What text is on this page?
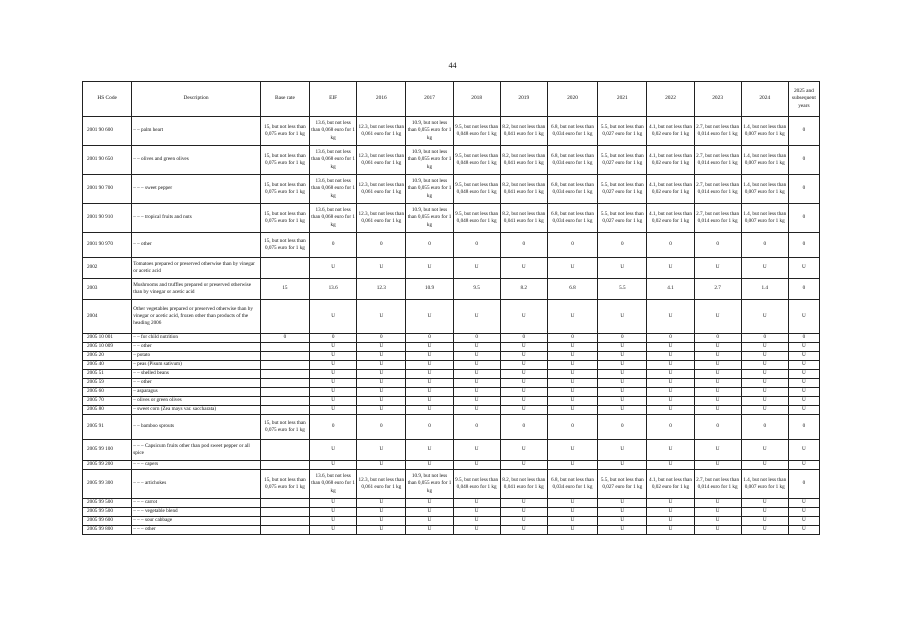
44
HS Code	Description	Base rate	EIF	2016	2017	2018	2019	2020	2021	2022	2023	2024	2025 and subsequent years
2001 90 600	– – palm heart	15, but not less than 0,075 euro for 1 kg	13.6, but not less than 0,068 euro for 1 kg	12.3, but not less than 0,061 euro for 1 kg	10.9, but not less than 0,055 euro for 1 kg	9.5, but not less than 0,048 euro for 1 kg	8.2, but not less than 0,041 euro for 1 kg	6.8, but not less than 0,034 euro for 1 kg	5.5, but not less than 0,027 euro for 1 kg	4.1, but not less than 0,02 euro for 1 kg	2.7, but not less than 0,014 euro for 1 kg	1.4, but not less than 0,007 euro for 1 kg	0
2001 90 650	– – olives and green olives	15, but not less than 0,075 euro for 1 kg	13.6, but not less than 0,068 euro for 1 kg	12.3, but not less than 0,061 euro for 1 kg	10.9, but not less than 0,055 euro for 1 kg	9.5, but not less than 0,048 euro for 1 kg	8.2, but not less than 0,041 euro for 1 kg	6.8, but not less than 0,034 euro for 1 kg	5.5, but not less than 0,027 euro for 1 kg	4.1, but not less than 0,02 euro for 1 kg	2.7, but not less than 0,014 euro for 1 kg	1.4, but not less than 0,007 euro for 1 kg	0
2001 90 700	– – – sweet pepper	15, but not less than 0,075 euro for 1 kg	13.6, but not less than 0,068 euro for 1 kg	12.3, but not less than 0,061 euro for 1 kg	10.9, but not less than 0,055 euro for 1 kg	9.5, but not less than 0,048 euro for 1 kg	8.2, but not less than 0,041 euro for 1 kg	6.8, but not less than 0,034 euro for 1 kg	5.5, but not less than 0,027 euro for 1 kg	4.1, but not less than 0,02 euro for 1 kg	2.7, but not less than 0,014 euro for 1 kg	1.4, but not less than 0,007 euro for 1 kg	0
2001 90 910	– – – tropical fruits and nuts	15, but not less than 0,075 euro for 1 kg	13.6, but not less than 0,068 euro for 1 kg	12.3, but not less than 0,061 euro for 1 kg	10.9, but not less than 0,055 euro for 1 kg	9.5, but not less than 0,048 euro for 1 kg	8.2, but not less than 0,041 euro for 1 kg	6.8, but not less than 0,034 euro for 1 kg	5.5, but not less than 0,027 euro for 1 kg	4.1, but not less than 0,02 euro for 1 kg	2.7, but not less than 0,014 euro for 1 kg	1.4, but not less than 0,007 euro for 1 kg	0
2001 90 970	– – other	15, but not less than 0,075 euro for 1 kg	0	0	0	0	0	0	0	0	0	0	0
2002	Tomatoes prepared or preserved otherwise than by vinegar or acetic acid		U	U	U	U	U	U	U	U	U	U	U
2003	Mushrooms and truffles prepared or preserved otherwise than by vinegar or acetic acid	15	13.6	12.3	10.9	9.5	8.2	6.8	5.5	4.1	2.7	1.4	0
2004	Other vegetables prepared or preserved otherwise than by vinegar or acetic acid, frozen other than products of the heading 2006		U	U	U	U	U	U	U	U	U	U	U
2005 10 001	– – for child nutrition	0	0	0	0	0	0	0	0	0	0	0	0
2005 10 009	– – other		U	U	U	U	U	U	U	U	U	U	U
2005 20	– potato		U	U	U	U	U	U	U	U	U	U	U
2005 40	– peas (Pisum sativum)		U	U	U	U	U	U	U	U	U	U	U
2005 51	– – shelled beans		U	U	U	U	U	U	U	U	U	U	U
2005 59	– – other		U	U	U	U	U	U	U	U	U	U	U
2005 60	– asparagus		U	U	U	U	U	U	U	U	U	U	U
2005 70	– olives or green olives		U	U	U	U	U	U	U	U	U	U	U
2005 80	– sweet corn (Zea mays var. saccharata)		U	U	U	U	U	U	U	U	U	U	U
2005 91	– – bamboo sprouts	15, but not less than 0,075 euro for 1 kg	0	0	0	0	0	0	0	0	0	0	0
2005 99 100	– – – Capsicum fruits other than pod sweet pepper or all spice		U	U	U	U	U	U	U	U	U	U	U
2005 99 200	– – – capers		U	U	U	U	U	U	U	U	U	U	U
2005 99 300	– – – artichokes	15, but not less than 0,075 euro for 1 kg	13.6, but not less than 0,068 euro for 1 kg	12.3, but not less than 0,061 euro for 1 kg	10.9, but not less than 0,055 euro for 1 kg	9.5, but not less than 0,048 euro for 1 kg	8.2, but not less than 0,041 euro for 1 kg	6.8, but not less than 0,034 euro for 1 kg	5.5, but not less than 0,027 euro for 1 kg	4.1, but not less than 0,02 euro for 1 kg	2.7, but not less than 0,014 euro for 1 kg	1.4, but not less than 0,007 euro for 1 kg	0
2005 99 500	– – – carrot		U	U	U	U	U	U	U	U	U	U	U
2005 99 500	– – – vegetable blend		U	U	U	U	U	U	U	U	U	U	U
2005 99 600	– – – sour cabbage		U	U	U	U	U	U	U	U	U	U	U
2005 99 800	– – – other		U	U	U	U	U	U	U	U	U	U	U
